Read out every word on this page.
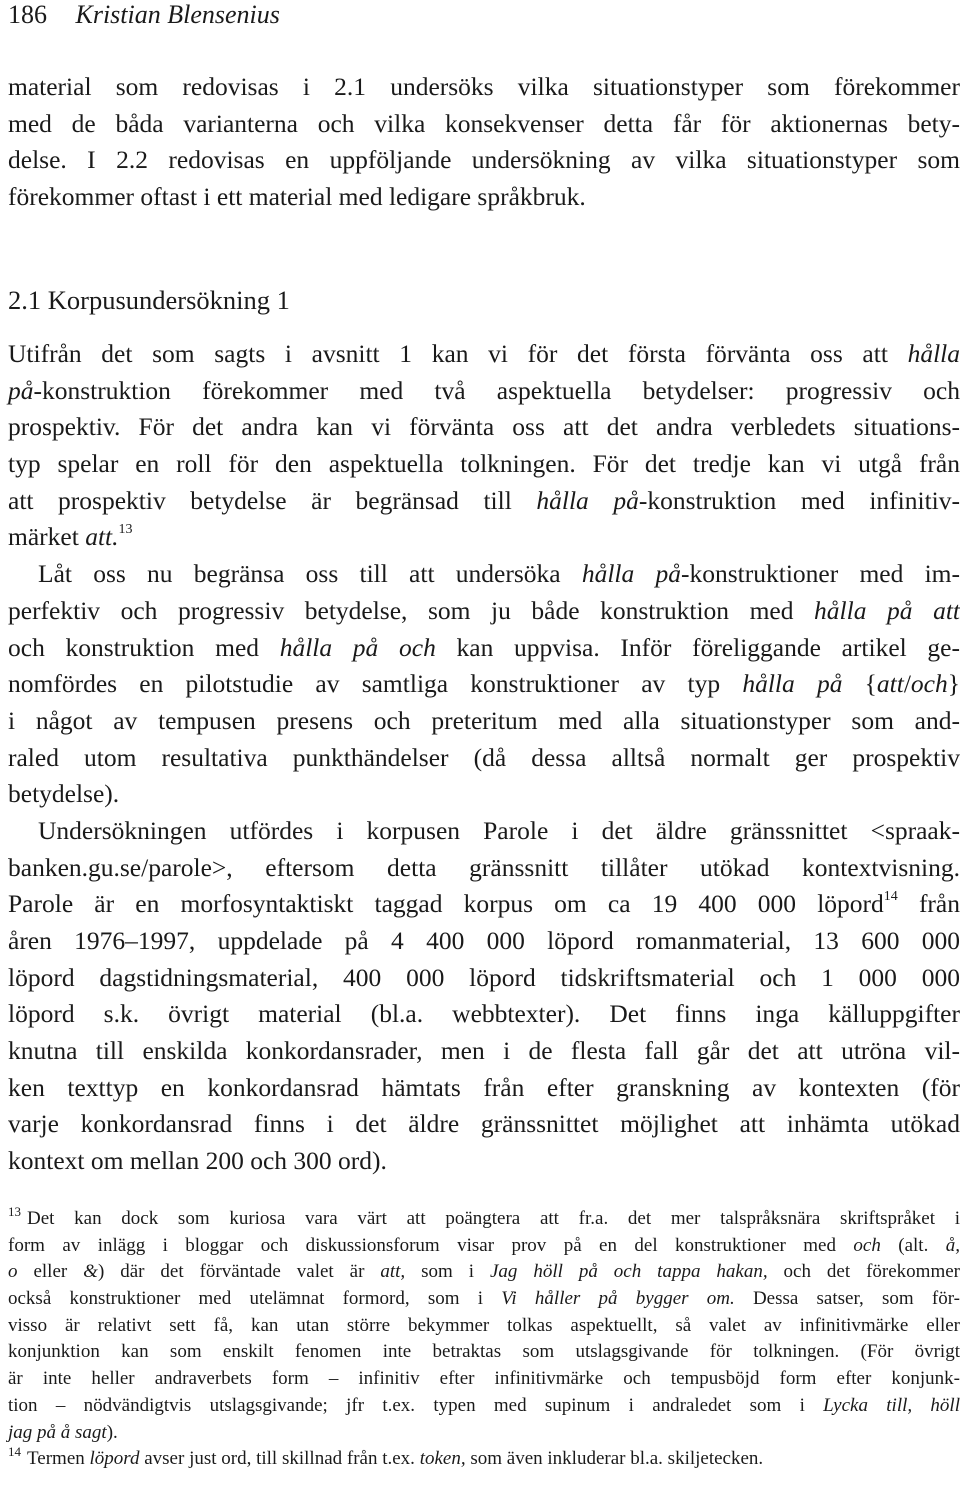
186 Kristian Blensenius
material som redovisas i 2.1 undersöks vilka situationstyper som förekommer
med de båda varianterna och vilka konsekvenser detta får för aktionernas bety-
delse. I 2.2 redovisas en uppföljande undersökning av vilka situationstyper som
förekommer oftast i ett material med ledigare språkbruk.
2.1 Korpusundersökning 1
Utifrån det som sagts i avsnitt 1 kan vi för det första förvänta oss att hålla
på-konstruktion förekommer med två aspektuella betydelser: progressiv och
prospektiv. För det andra kan vi förvänta oss att det andra verbledets situations-
typ spelar en roll för den aspektuella tolkningen. För det tredje kan vi utgå från
att prospektiv betydelse är begränsad till hålla på-konstruktion med infinitiv-
märket att.$^{13}$
Låt oss nu begränsa oss till att undersöka hålla på-konstruktioner med im-
perfektiv och progressiv betydelse, som ju både konstruktion med hålla på att
och konstruktion med hålla på och kan uppvisa. Inför föreliggande artikel ge-
nomfördes en pilotstudie av samtliga konstruktioner av typ hålla på {att/och}
i något av tempusen presens och preteritum med alla situationstyper som and-
raled utom resultativa punkthändelser (då dessa alltså normalt ger prospektiv
betydelse).
Undersökningen utfördes i korpusen Parole i det äldre gränssnittet <spraak-
banken.gu.se/parole>, eftersom detta gränssnitt tillåter utökad kontextvisning.
Parole är en morfosyntaktiskt taggad korpus om ca 19 400 000 löpord$^{14}$ från
åren 1976–1997, uppdelade på 4 400 000 löpord romanmaterial, 13 600 000
löpord dagstidningsmaterial, 400 000 löpord tidskriftsmaterial och 1 000 000
löpord s.k. övrigt material (bl.a. webbtexter). Det finns inga källuppgifter
knutna till enskilda konkordansrader, men i de flesta fall går det att utröna vil-
ken texttyp en konkordansrad hämtats från efter granskning av kontexten (för
varje konkordansrad finns i det äldre gränssnittet möjlighet att inhämta utökad
kontext om mellan 200 och 300 ord).
$^{13}$ Det kan dock som kuriosa vara värt att poängtera att fr.a. det mer talspråksnära skriftspråket i
form av inlägg i bloggar och diskussionsforum visar prov på en del konstruktioner med och (alt. å,
o eller &) där det förväntade valet är att, som i Jag höll på och tappa hakan, och det förekommer
också konstruktioner med utelämnat formord, som i Vi håller på bygger om. Dessa satser, som för-
visso är relativt sett få, kan utan större bekymmer tolkas aspektuellt, så valet av infinitivmärke eller
konjunktion kan som enskilt fenomen inte betraktas som utslagsgivande för tolkningen. (För övrigt
är inte heller andraverbets form – infinitiv efter infinitivmärke och tempusböjd form efter konjunk-
tion – nödvändigtvis utslagsgivande; jfr t.ex. typen med supinum i andraledet som i Lycka till, höll
jag på å sagt).
$^{14}$ Termen löpord avser just ord, till skillnad från t.ex. token, som även inkluderar bl.a. skiljetecken.
